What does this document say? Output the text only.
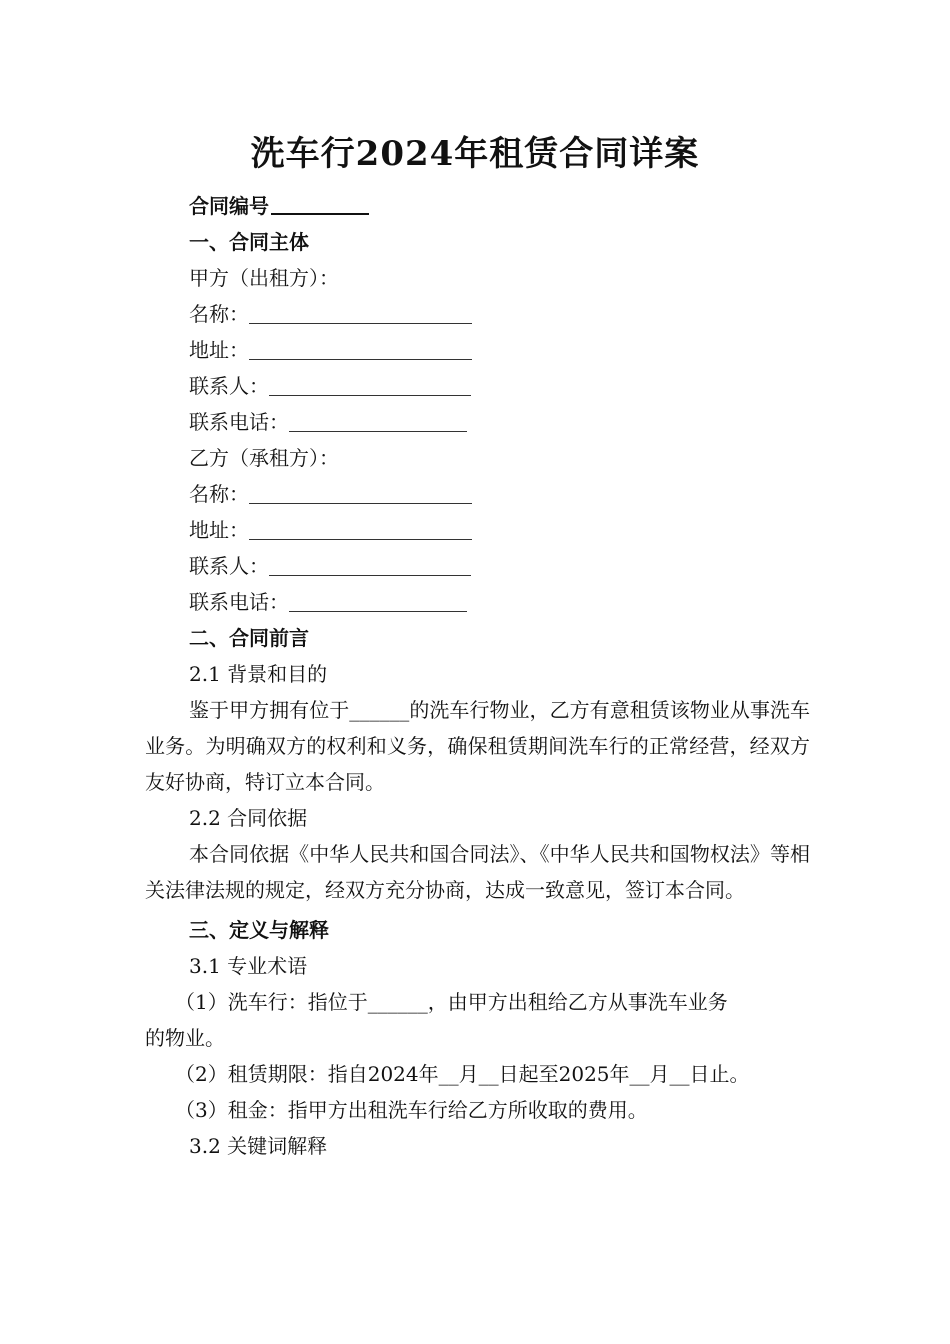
洗车行2024年租赁合同详案
合同编号
一、合同主体
甲方（出租方）：
名称：
地址：
联系人：
联系电话：
乙方（承租方）：
名称：
地址：
联系人：
联系电话：
二、合同前言
2.1 背景和目的
鉴于甲方拥有位于______的洗车行物业，乙方有意租赁该物业从事洗车业务。为明确双方的权利和义务，确保租赁期间洗车行的正常经营，经双方友好协商，特订立本合同。
2.2 合同依据
本合同依据《中华人民共和国合同法》、《中华人民共和国物权法》等相关法律法规的规定，经双方充分协商，达成一致意见，签订本合同。
三、定义与解释
3.1 专业术语
（1）洗车行：指位于______，由甲方出租给乙方从事洗车业务
的物业。
（2）租赁期限：指自2024年__月__日起至2025年__月__日止。
（3）租金：指甲方出租洗车行给乙方所收取的费用。
3.2 关键词解释
